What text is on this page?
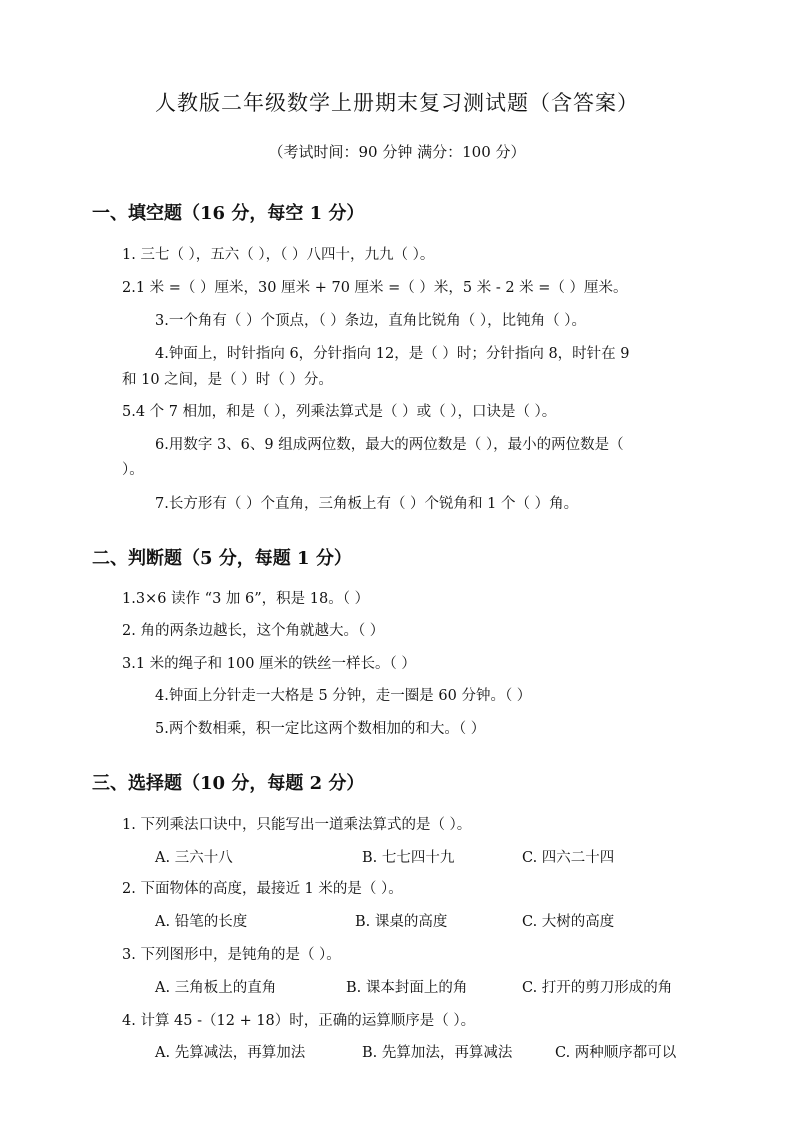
人教版二年级数学上册期末复习测试题（含答案）
（考试时间：90 分钟 满分：100 分）
一、填空题（16 分，每空 1 分）
1. 三七（ ），五六（ ），（ ）八四十，九九（ ）。
2.1 米 =（ ）厘米，30 厘米 + 70 厘米 =（ ）米，5 米 - 2 米 =（ ）厘米。
3.一个角有（ ）个顶点，（ ）条边，直角比锐角（ ），比钝角（ ）。
4.钟面上，时针指向 6，分针指向 12，是（ ）时；分针指向 8，时针在 9
和 10 之间，是（ ）时（ ）分。
5.4 个 7 相加，和是（ ），列乘法算式是（ ）或（ ），口诀是（ ）。
6.用数字 3、6、9 组成两位数，最大的两位数是（ ），最小的两位数是（
）。
7.长方形有（ ）个直角，三角板上有（ ）个锐角和 1 个（ ）角。
二、判断题（5 分，每题 1 分）
1.3×6 读作 “3 加 6”，积是 18。（ ）
2. 角的两条边越长，这个角就越大。（ ）
3.1 米的绳子和 100 厘米的铁丝一样长。（ ）
4.钟面上分针走一大格是 5 分钟，走一圈是 60 分钟。（ ）
5.两个数相乘，积一定比这两个数相加的和大。（ ）
三、选择题（10 分，每题 2 分）
1. 下列乘法口诀中，只能写出一道乘法算式的是（ ）。
A. 三六十八	B. 七七四十九	C. 四六二十四
2. 下面物体的高度，最接近 1 米的是（ ）。
A. 铅笔的长度	B. 课桌的高度	C. 大树的高度
3. 下列图形中，是钝角的是（ ）。
A. 三角板上的直角	B. 课本封面上的角	C. 打开的剪刀形成的角
4. 计算 45 -（12 + 18）时，正确的运算顺序是（ ）。
A. 先算减法，再算加法	B. 先算加法，再算减法	C. 两种顺序都可以
